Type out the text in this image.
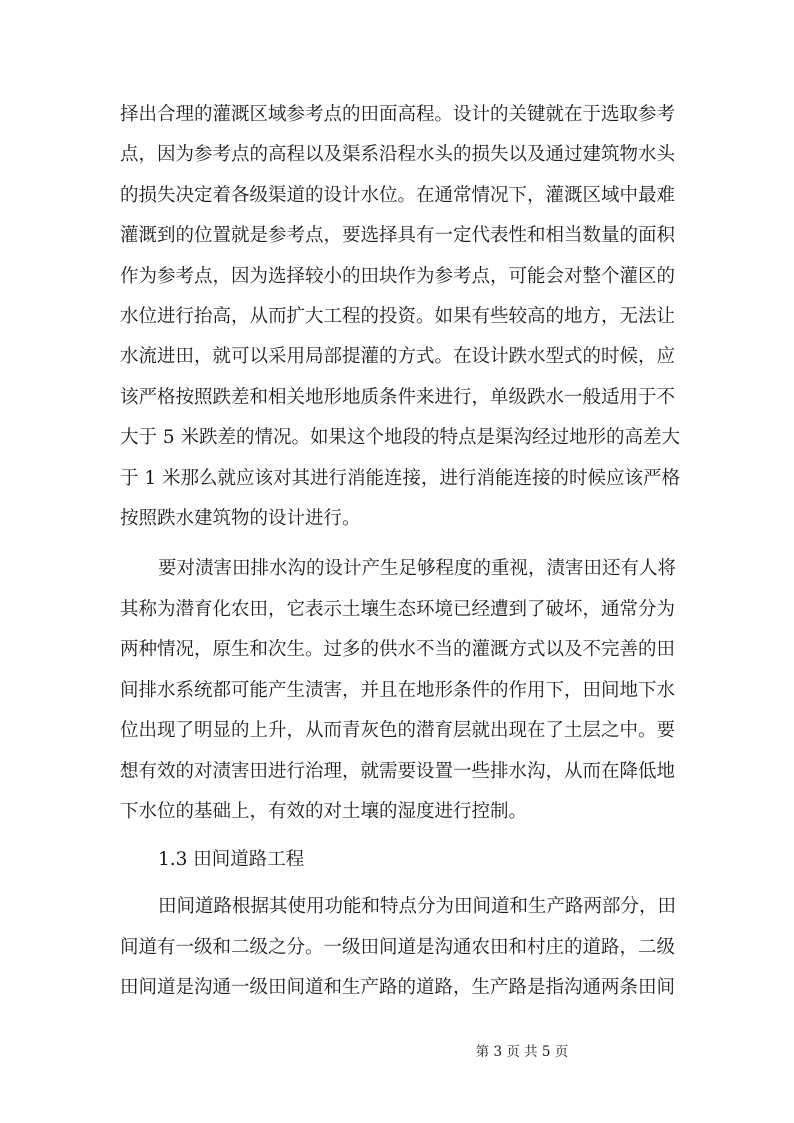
择出合理的灌溉区域参考点的田面高程。设计的关键就在于选取参考
点，因为参考点的高程以及渠系沿程水头的损失以及通过建筑物水头
的损失决定着各级渠道的设计水位。在通常情况下，灌溉区域中最难
灌溉到的位置就是参考点，要选择具有一定代表性和相当数量的面积
作为参考点，因为选择较小的田块作为参考点，可能会对整个灌区的
水位进行抬高，从而扩大工程的投资。如果有些较高的地方，无法让
水流进田，就可以采用局部提灌的方式。在设计跌水型式的时候，应
该严格按照跌差和相关地形地质条件来进行，单级跌水一般适用于不
大于 5 米跌差的情况。如果这个地段的特点是渠沟经过地形的高差大
于 1 米那么就应该对其进行消能连接，进行消能连接的时候应该严格
按照跌水建筑物的设计进行。
要对渍害田排水沟的设计产生足够程度的重视，渍害田还有人将
其称为潜育化农田，它表示土壤生态环境已经遭到了破坏，通常分为
两种情况，原生和次生。过多的供水不当的灌溉方式以及不完善的田
间排水系统都可能产生渍害，并且在地形条件的作用下，田间地下水
位出现了明显的上升，从而青灰色的潜育层就出现在了土层之中。要
想有效的对渍害田进行治理，就需要设置一些排水沟，从而在降低地
下水位的基础上，有效的对土壤的湿度进行控制。
1.3 田间道路工程
田间道路根据其使用功能和特点分为田间道和生产路两部分，田
间道有一级和二级之分。一级田间道是沟通农田和村庄的道路，二级
田间道是沟通一级田间道和生产路的道路，生产路是指沟通两条田间
第 3 页 共 5 页
